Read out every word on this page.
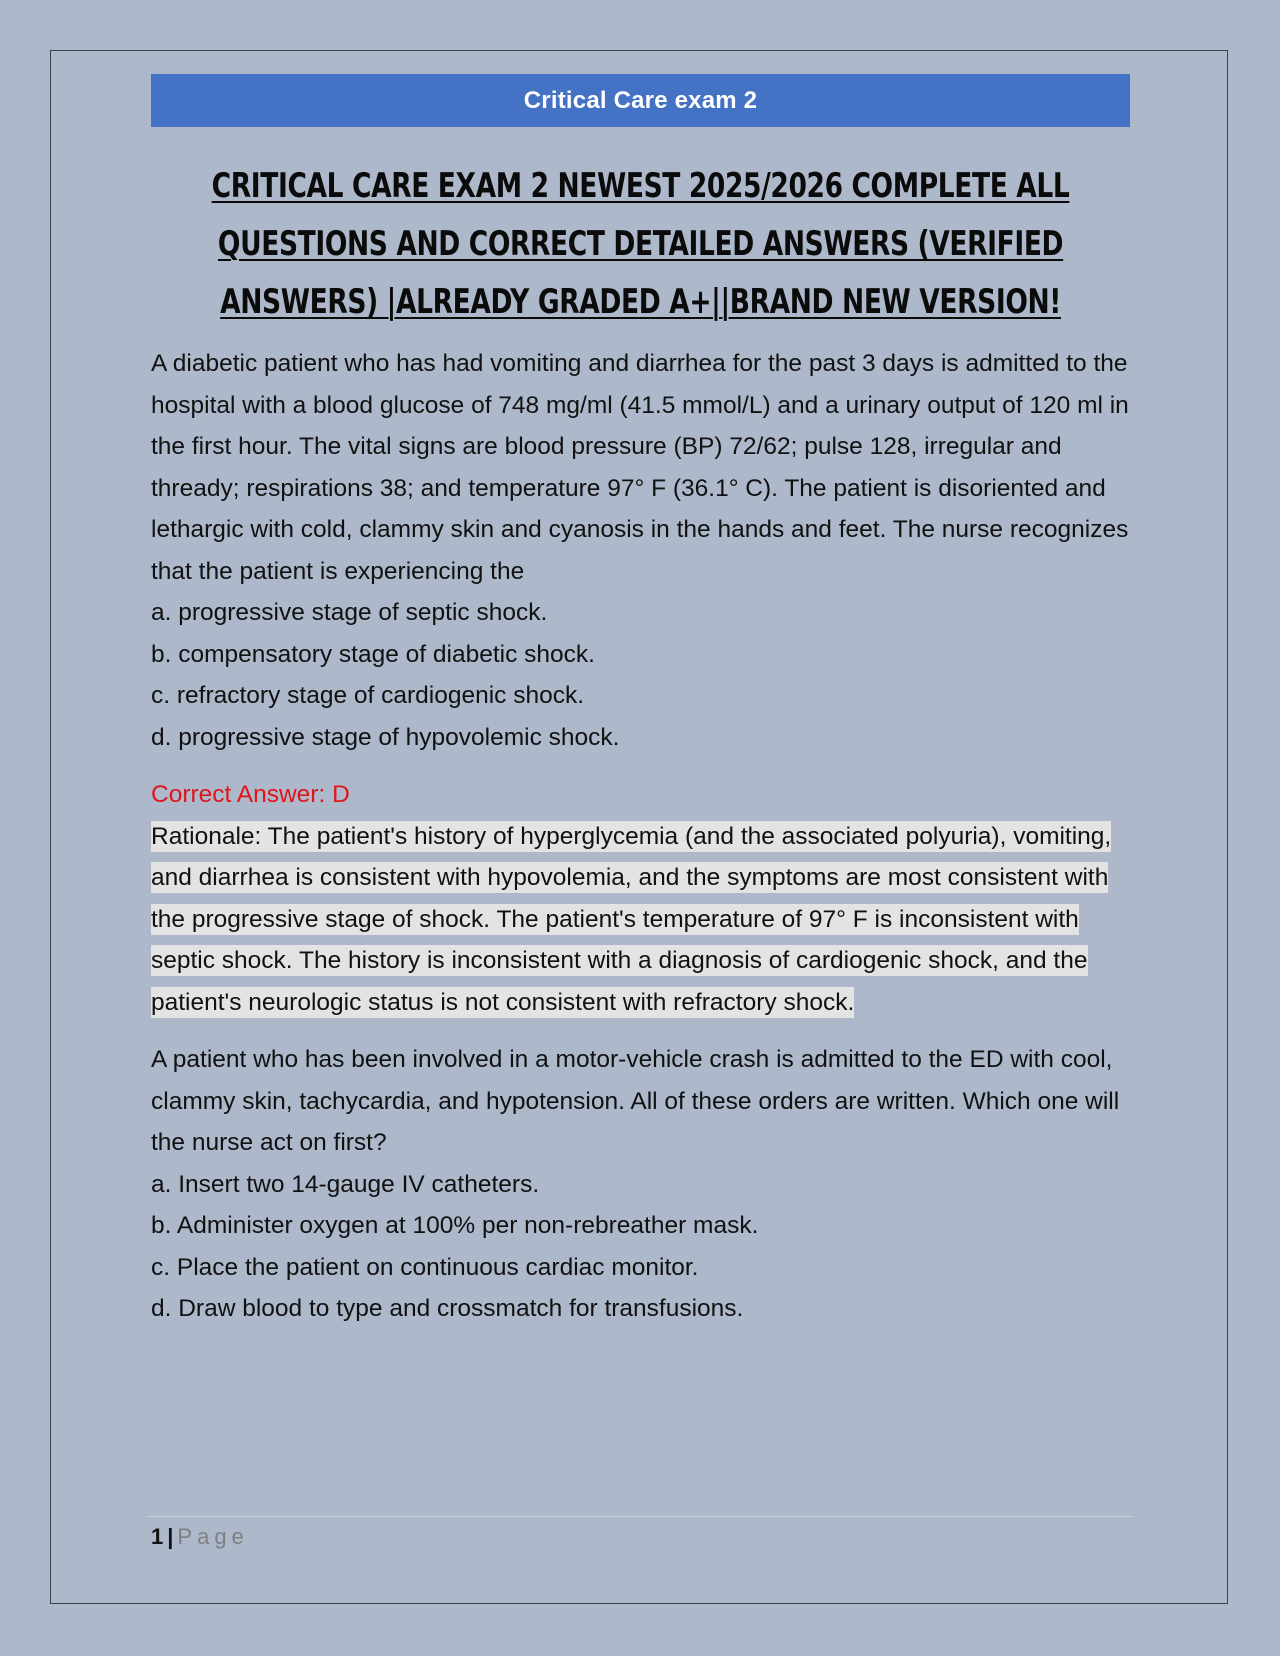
Critical Care exam 2
CRITICAL CARE EXAM 2 NEWEST 2025/2026 COMPLETE ALL QUESTIONS AND CORRECT DETAILED ANSWERS (VERIFIED ANSWERS) |ALREADY GRADED A+||BRAND NEW VERSION!
A diabetic patient who has had vomiting and diarrhea for the past 3 days is admitted to the hospital with a blood glucose of 748 mg/ml (41.5 mmol/L) and a urinary output of 120 ml in the first hour. The vital signs are blood pressure (BP) 72/62; pulse 128, irregular and thready; respirations 38; and temperature 97° F (36.1° C). The patient is disoriented and lethargic with cold, clammy skin and cyanosis in the hands and feet. The nurse recognizes that the patient is experiencing the
a. progressive stage of septic shock.
b. compensatory stage of diabetic shock.
c. refractory stage of cardiogenic shock.
d. progressive stage of hypovolemic shock.
Correct Answer: D
Rationale: The patient's history of hyperglycemia (and the associated polyuria), vomiting, and diarrhea is consistent with hypovolemia, and the symptoms are most consistent with the progressive stage of shock. The patient's temperature of 97° F is inconsistent with septic shock. The history is inconsistent with a diagnosis of cardiogenic shock, and the patient's neurologic status is not consistent with refractory shock.
A patient who has been involved in a motor-vehicle crash is admitted to the ED with cool, clammy skin, tachycardia, and hypotension. All of these orders are written. Which one will the nurse act on first?
a. Insert two 14-gauge IV catheters.
b. Administer oxygen at 100% per non-rebreather mask.
c. Place the patient on continuous cardiac monitor.
d. Draw blood to type and crossmatch for transfusions.
1 | Page
